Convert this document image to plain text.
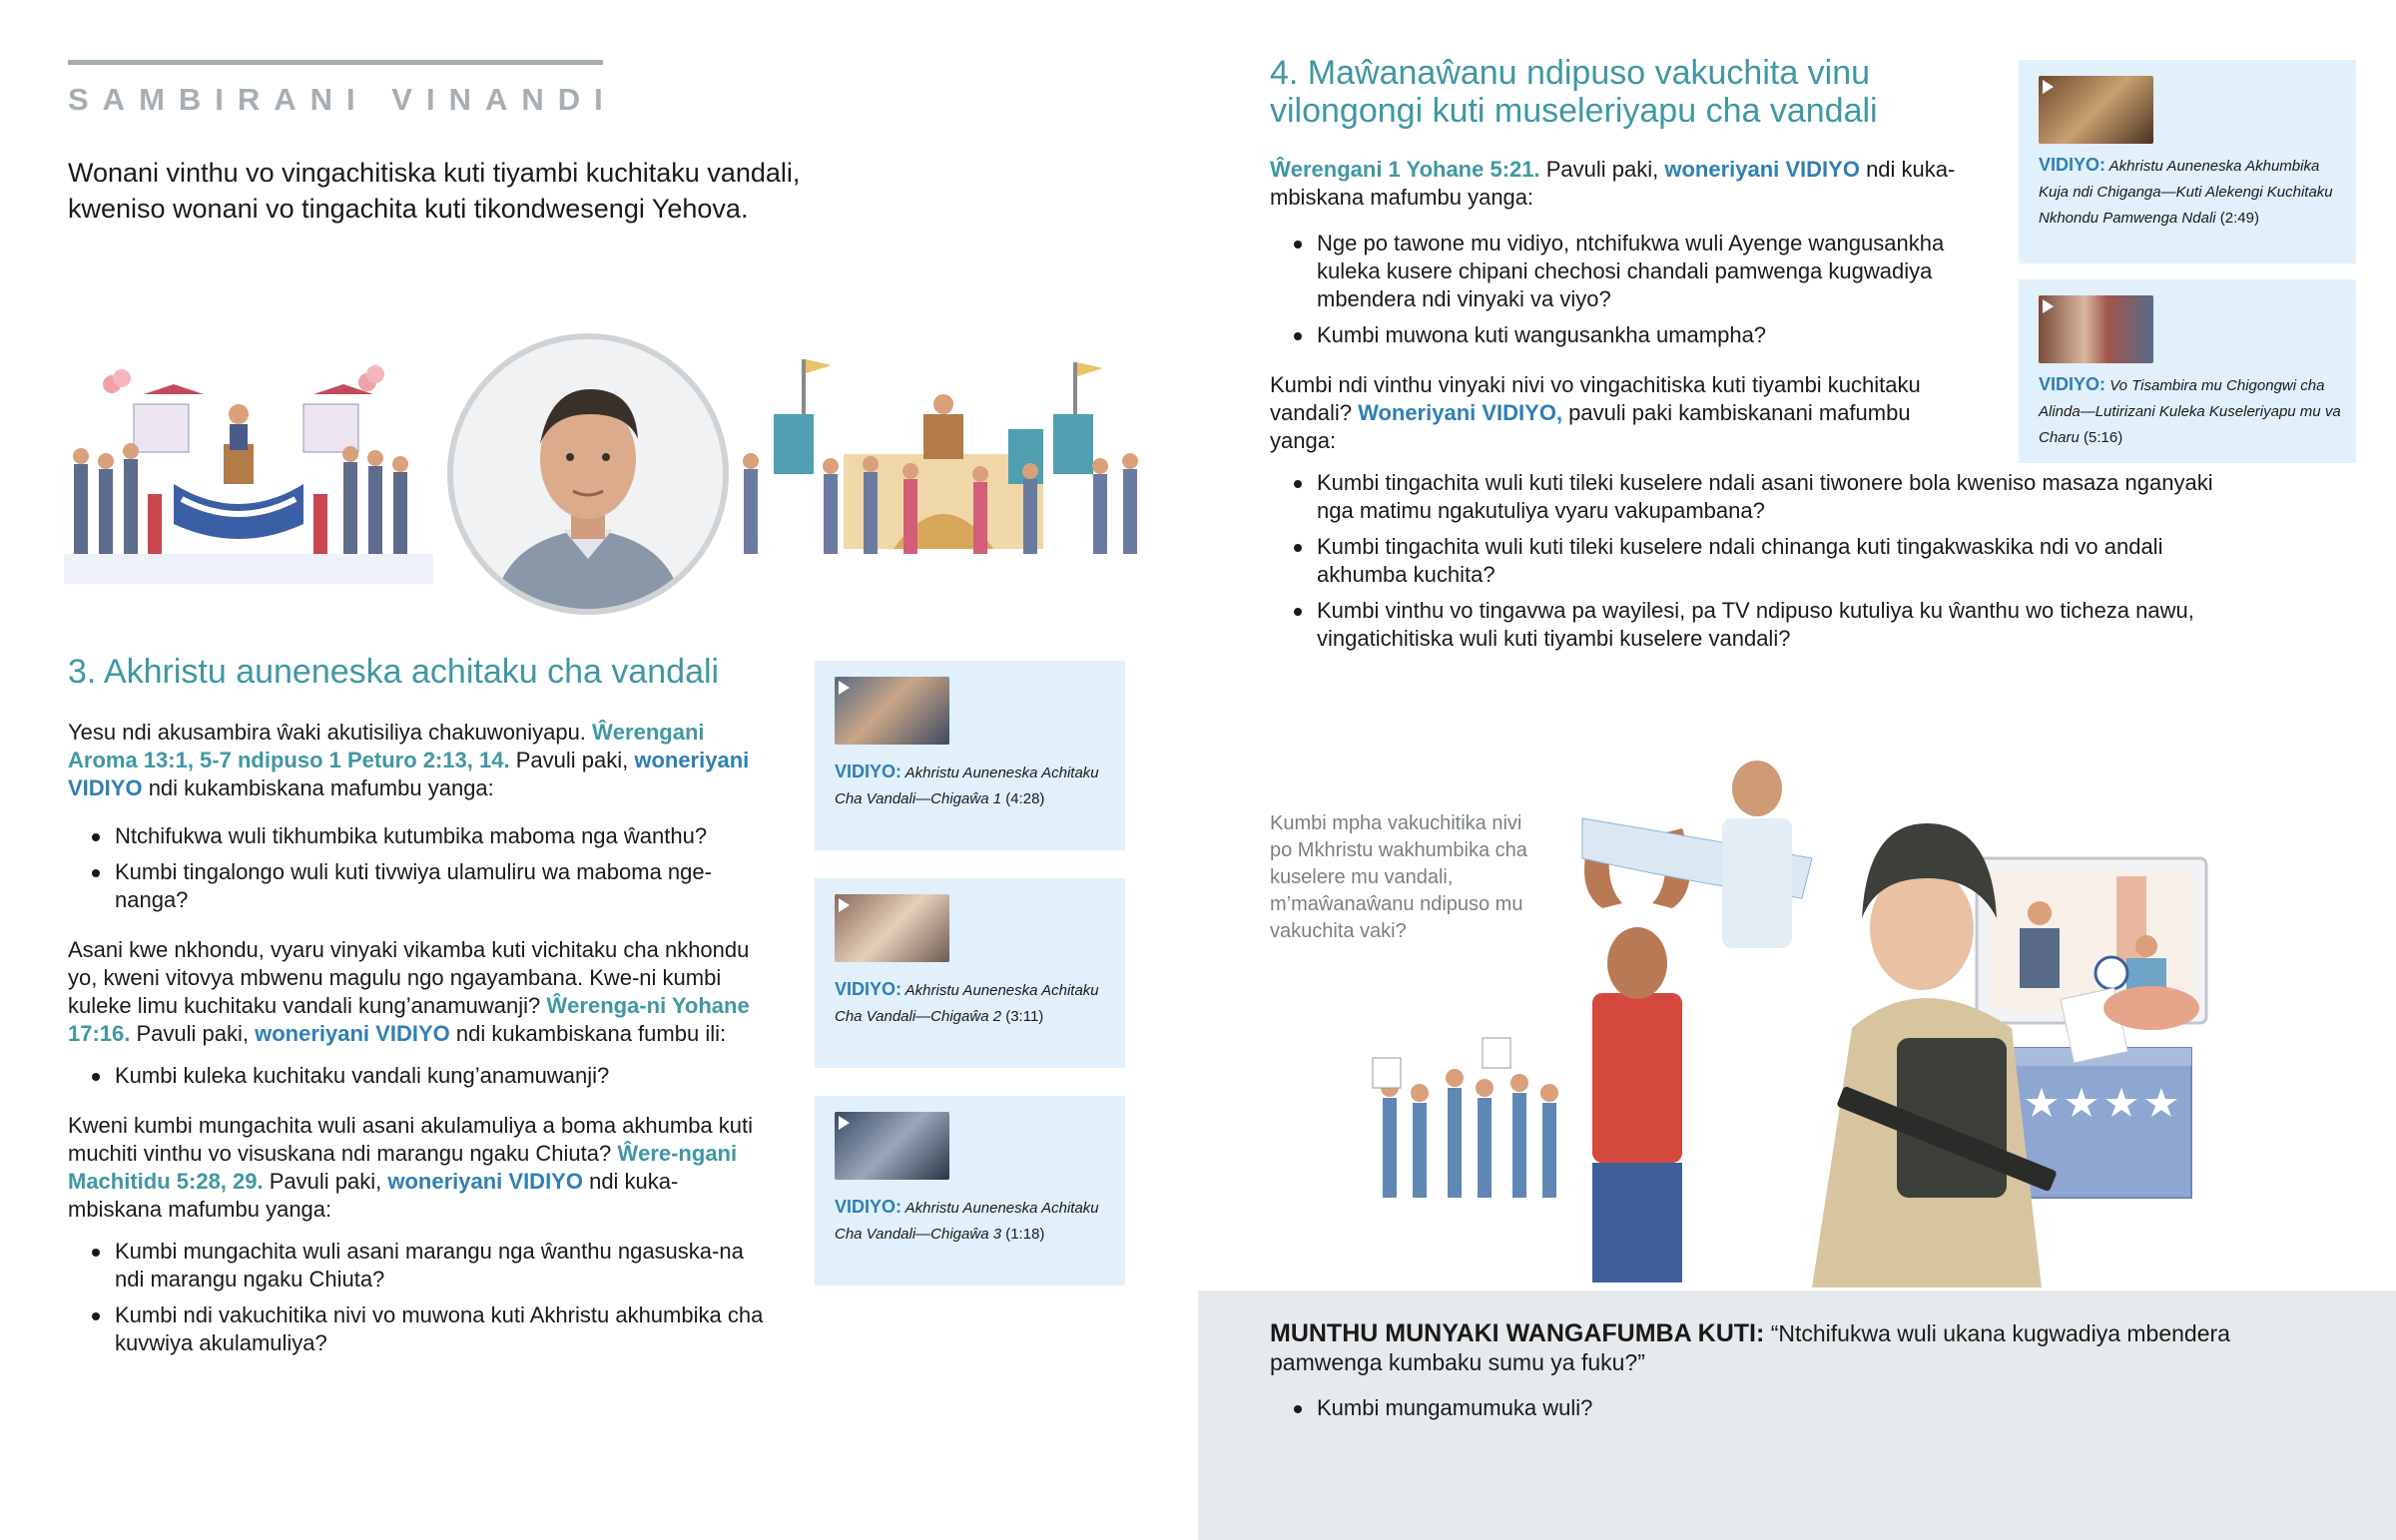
SAMBIRANI VINANDI

Wonani vinthu vo vingachitiska kuti tiyambi kuchitaku vandali, kweniso wonani vo tingachita kuti tikondwesengi Yehova.

3. Akhristu auneneska achitaku cha vandali

Yesu ndi akusambira ŵaki akutisiliya chakuwoniyapu. Ŵerengani Aroma 13:1, 5-7 ndipuso 1 Peturo 2:13, 14. Pavuli paki, woneriyani VIDIYO ndi kukambiskana mafumbu yanga:

Ntchifukwa wuli tikhumbika kutumbika maboma nga ŵanthu?
Kumbi tingalongo wuli kuti tivwiya ulamuliru wa maboma nge-nanga?

Asani kwe nkhondu, vyaru vinyaki vikamba kuti vichitaku cha nkhondu yo, kweni vitovya mbwenu magulu ngo ngayambana. Kwe-ni kumbi kuleke limu kuchitaku vandali kung’anamuwanji? Ŵerenga-ni Yohane 17:16. Pavuli paki, woneriyani VIDIYO ndi kukambiskana fumbu ili:

Kumbi kuleka kuchitaku vandali kung’anamuwanji?

Kweni kumbi mungachita wuli asani akulamuliya a boma akhumba kuti muchiti vinthu vo visuskana ndi marangu ngaku Chiuta? Ŵere-ngani Machitidu 5:28, 29. Pavuli paki, woneriyani VIDIYO ndi kuka-mbiskana mafumbu yanga:

Kumbi mungachita wuli asani marangu nga ŵanthu ngasuska-na ndi marangu ngaku Chiuta?
Kumbi ndi vakuchitika nivi vo muwona kuti Akhristu akhumbika cha kuvwiya akulamuliya?
VIDIYO: Akhristu Auneneska Achitaku Cha Vandali—Chigaŵa 1 (4:28)
VIDIYO: Akhristu Auneneska Achitaku Cha Vandali—Chigaŵa 2 (3:11)
VIDIYO: Akhristu Auneneska Achitaku Cha Vandali—Chigaŵa 3 (1:18)
4. Maŵanaŵanu ndipuso vakuchita vinu vilongongi kuti museleriyapu cha vandali

Ŵerengani 1 Yohane 5:21. Pavuli paki, woneriyani VIDIYO ndi kuka-mbiskana mafumbu yanga:

Nge po tawone mu vidiyo, ntchifukwa wuli Ayenge wangusankha kuleka kusere chipani chechosi chandali pamwenga kugwadiya mbendera ndi vinyaki va viyo?
Kumbi muwona kuti wangusankha umampha?

Kumbi ndi vinthu vinyaki nivi vo vingachitiska kuti tiyambi kuchitaku vandali? Woneriyani VIDIYO, pavuli paki kambiskanani mafumbu yanga:

Kumbi tingachita wuli kuti tileki kuselere ndali asani tiwonere bola kweniso masaza nganyaki nga matimu ngakutuliya vyaru vakupambana?
Kumbi tingachita wuli kuti tileki kuselere ndali chinanga kuti tingakwaskika ndi vo andali akhumba kuchita?
Kumbi vinthu vo tingavwa pa wayilesi, pa TV ndipuso kutuliya ku ŵanthu wo ticheza nawu, vingatichitiska wuli kuti tiyambi kuselere vandali?
VIDIYO: Akhristu Auneneska Akhumbika Kuja ndi Chiganga—Kuti Alekengi Kuchitaku Nkhondu Pamwenga Ndali (2:49)
VIDIYO: Vo Tisambira mu Chigongwi cha Alinda—Lutirizani Kuleka Kuseleriyapu mu va Charu (5:16)

Kumbi mpha vakuchitika nivi po Mkhristu wakhumbika cha kuselere mu vandali, m’maŵanaŵanu ndipuso mu vakuchita vaki?

MUNTHU MUNYAKI WANGAFUMBA KUTI: “Ntchifukwa wuli ukana kugwadiya mbendera pamwenga kumbaku sumu ya fuku?”

Kumbi mungamumuka wuli?
